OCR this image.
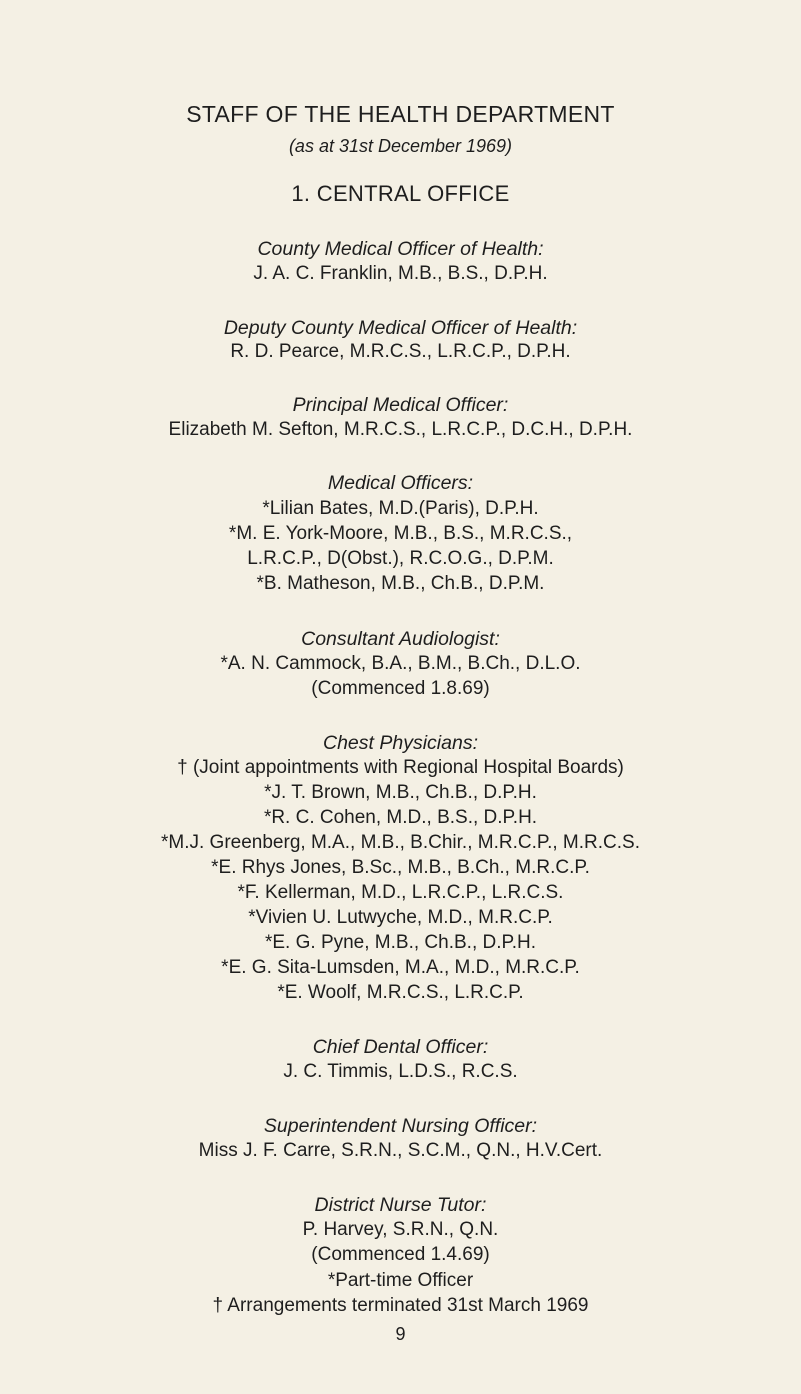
STAFF OF THE HEALTH DEPARTMENT
(as at 31st December 1969)
1. CENTRAL OFFICE
County Medical Officer of Health:
J. A. C. Franklin, M.B., B.S., D.P.H.
Deputy County Medical Officer of Health:
R. D. Pearce, M.R.C.S., L.R.C.P., D.P.H.
Principal Medical Officer:
Elizabeth M. Sefton, M.R.C.S., L.R.C.P., D.C.H., D.P.H.
Medical Officers:
*Lilian Bates, M.D.(Paris), D.P.H.
*M. E. York-Moore, M.B., B.S., M.R.C.S.,
L.R.C.P., D(Obst.), R.C.O.G., D.P.M.
*B. Matheson, M.B., Ch.B., D.P.M.
Consultant Audiologist:
*A. N. Cammock, B.A., B.M., B.Ch., D.L.O.
(Commenced 1.8.69)
Chest Physicians:
† (Joint appointments with Regional Hospital Boards)
*J. T. Brown, M.B., Ch.B., D.P.H.
*R. C. Cohen, M.D., B.S., D.P.H.
*M.J. Greenberg, M.A., M.B., B.Chir., M.R.C.P., M.R.C.S.
*E. Rhys Jones, B.Sc., M.B., B.Ch., M.R.C.P.
*F. Kellerman, M.D., L.R.C.P., L.R.C.S.
*Vivien U. Lutwyche, M.D., M.R.C.P.
*E. G. Pyne, M.B., Ch.B., D.P.H.
*E. G. Sita-Lumsden, M.A., M.D., M.R.C.P.
*E. Woolf, M.R.C.S., L.R.C.P.
Chief Dental Officer:
J. C. Timmis, L.D.S., R.C.S.
Superintendent Nursing Officer:
Miss J. F. Carre, S.R.N., S.C.M., Q.N., H.V.Cert.
District Nurse Tutor:
P. Harvey, S.R.N., Q.N.
(Commenced 1.4.69)
*Part-time Officer
† Arrangements terminated 31st March 1969
9
